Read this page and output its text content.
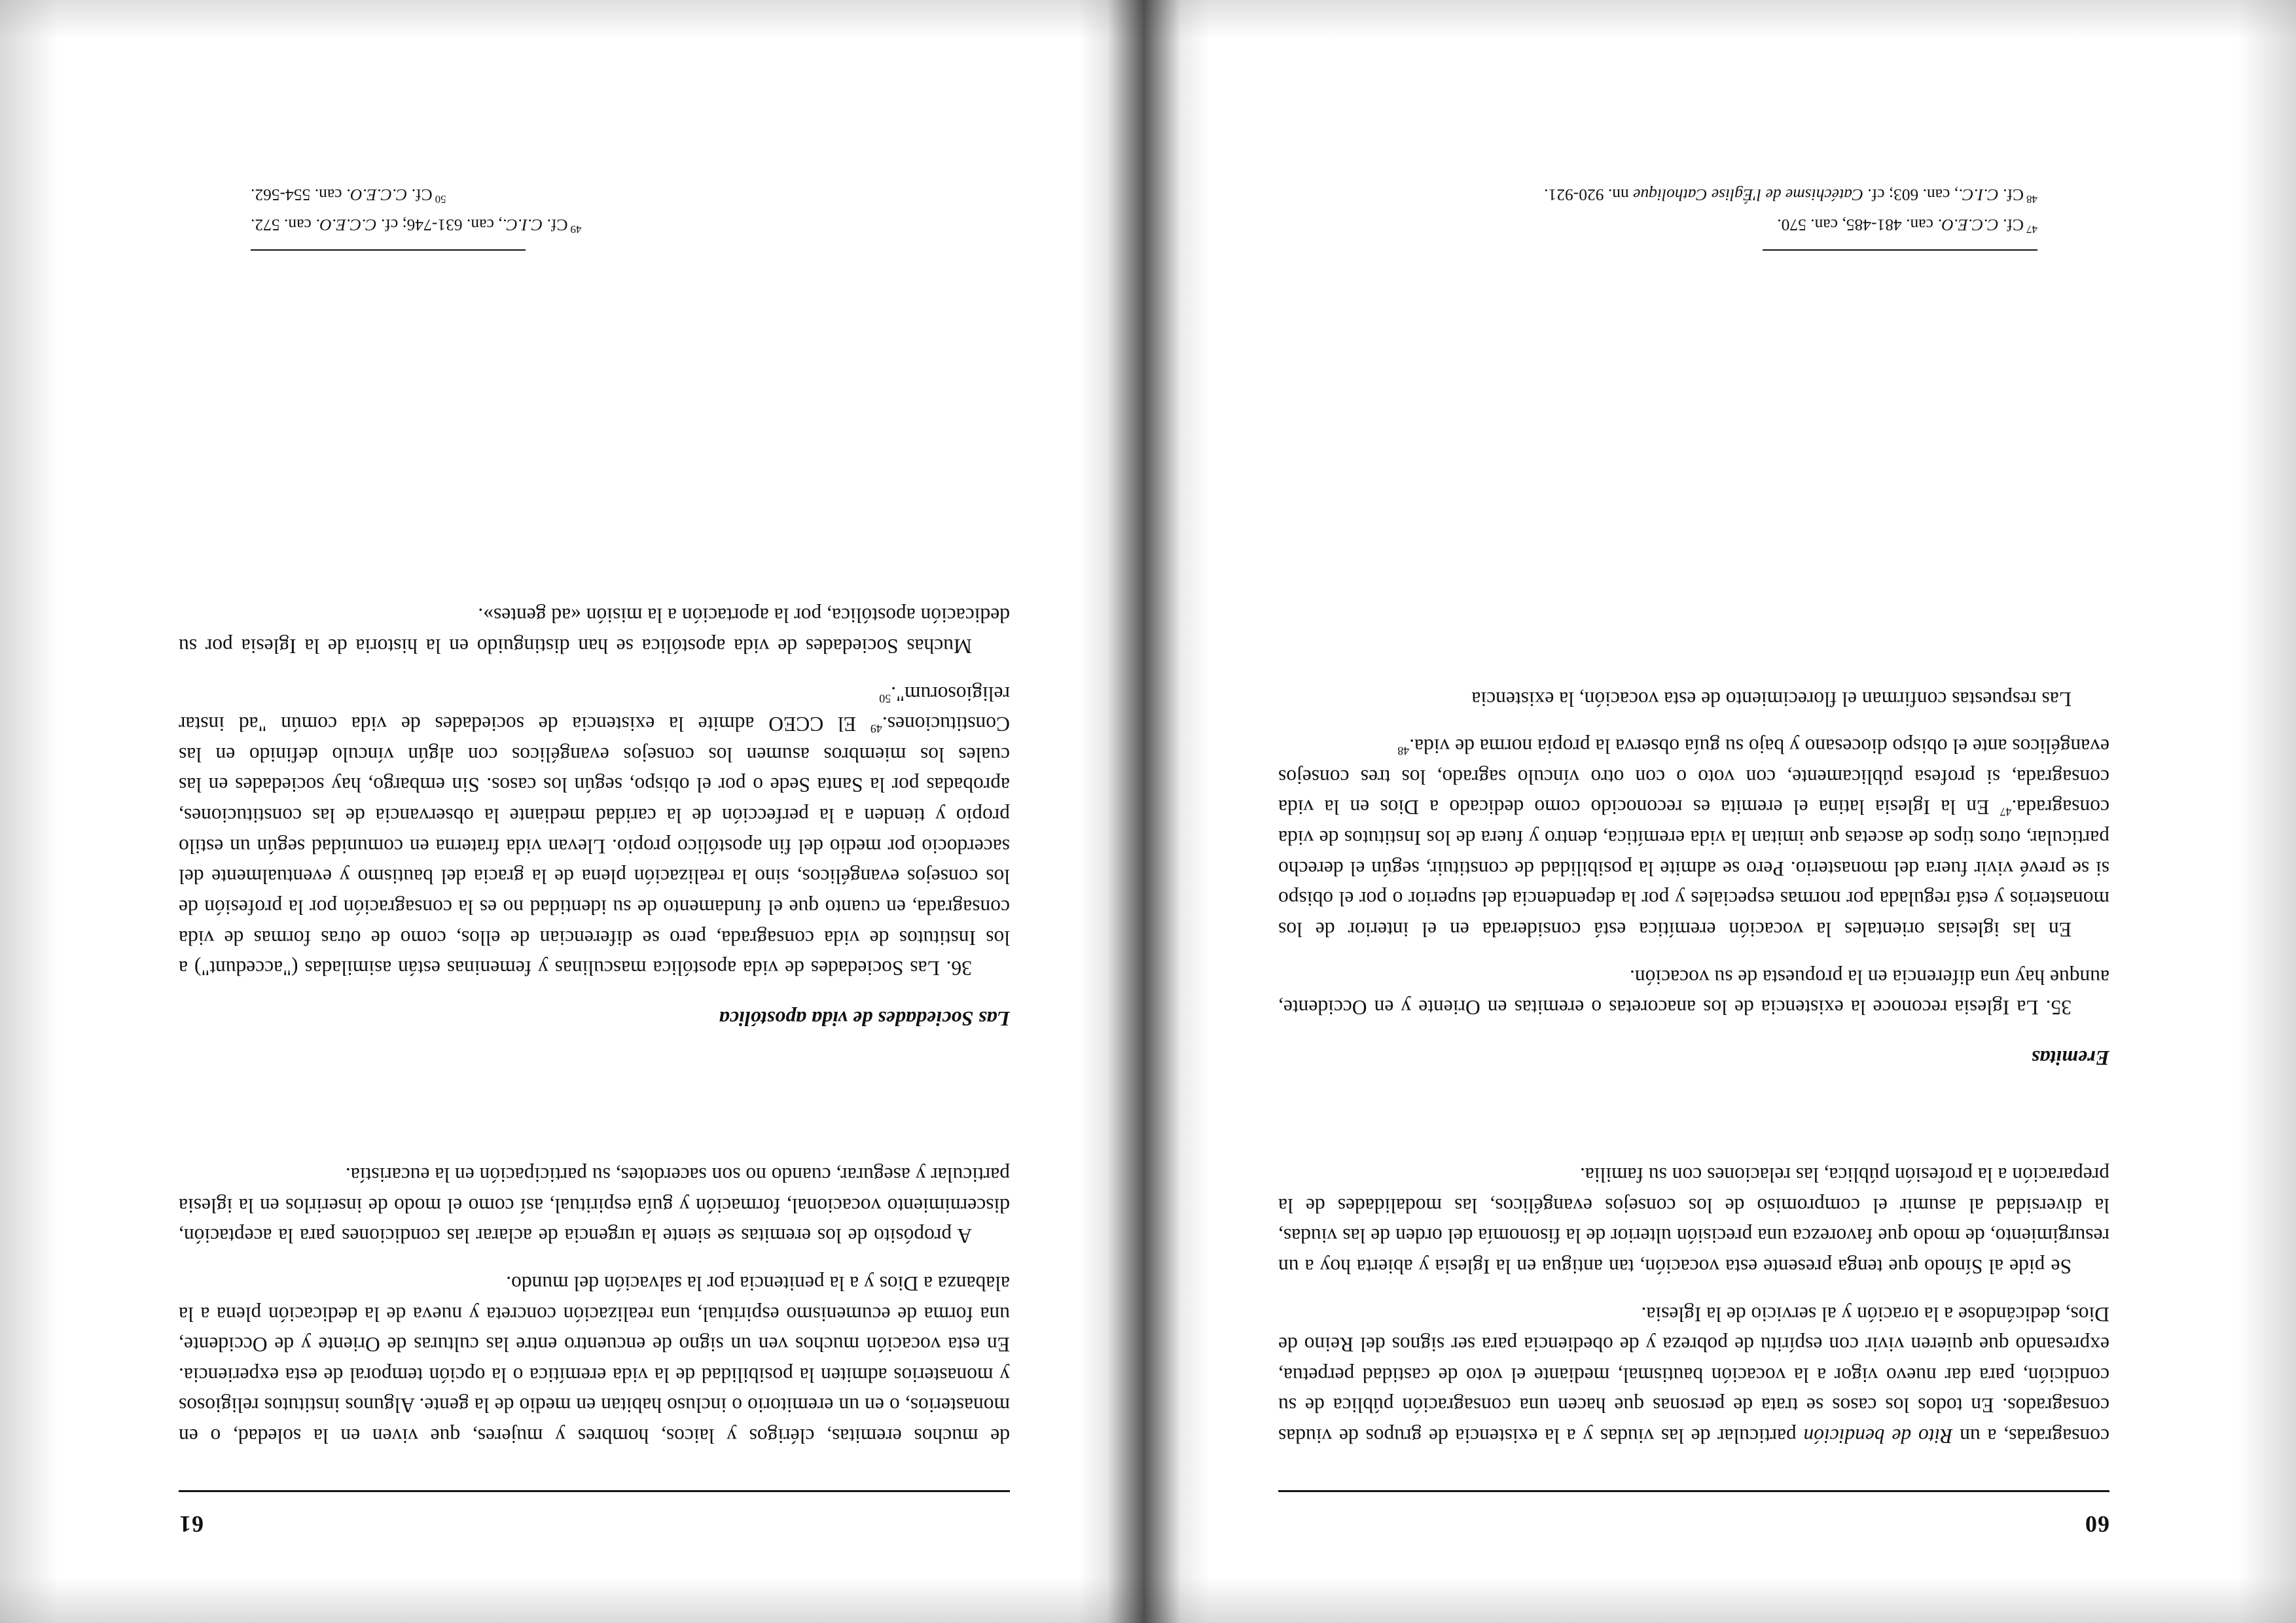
60

consagradas, a un Rito de bendición particular de las viudas y a la existencia de grupos de viudas consagrados. En todos los casos se trata de personas que hacen una consagración pública de su condición, para dar nuevo vigor a la vocación bautismal, mediante el voto de castidad perpetua, expresando que quieren vivir con espíritu de pobreza y de obediencia para ser signos del Reino de Dios, dedicándose a la oración y al servicio de la Iglesia.

Se pide al Sínodo que tenga presente esta vocación, tan antigua en la Iglesia y abierta hoy a un resurgimiento, de modo que favorezca una precisión ulterior de la fisonomía del orden de las viudas, la diversidad al asumir el compromiso de los consejos evangélicos, las modalidades de la preparación a la profesión pública, las relaciones con su familia.

Eremitas

35. La Iglesia reconoce la existencia de los anacoretas o eremitas en Oriente y en Occidente, aunque hay una diferencia en la propuesta de su vocación.

En las iglesias orientales la vocación eremítica está considerada en el interior de los monasterios y está regulada por normas especiales y por la dependencia del superior o por el obispo si se prevé vivir fuera del monasterio. Pero se admite la posibilidad de constituir, según el derecho particular, otros tipos de ascetas que imitan la vida eremítica, dentro y fuera de los Institutos de vida consagrada.$^{47}$ En la Iglesia latina el eremita es reconocido como dedicado a Dios en la vida consagrada, si profesa públicamente, con voto o con otro vínculo sagrado, los tres consejos evangélicos ante el obispo diocesano y bajo su guía observa la propia norma de vida.$^{48}$

Las respuestas confirman el florecimiento de esta vocación, la existencia

$^{47}$Cf. C.C.E.O. can. 481-485, can. 570.

$^{48}$Cf. C.I.C., can. 603; cf. Catéchisme de l'Église Catholique nn. 920-921.

61

de muchos eremitas, clérigos y laicos, hombres y mujeres, que viven en la soledad, o en monasterios, o en un eremitorio o incluso habitan en medio de la gente. Algunos institutos religiosos y monasterios admiten la posibilidad de la vida eremítica o la opción temporal de esta experiencia. En esta vocación muchos ven un signo de encuentro entre las culturas de Oriente y de Occidente, una forma de ecumenismo espiritual, una realización concreta y nueva de la dedicación plena a la alabanza a Dios y a la penitencia por la salvación del mundo.

A propósito de los eremitas se siente la urgencia de aclarar las condiciones para la aceptación, discernimiento vocacional, formación y guía espiritual, así como el modo de inserirlos en la iglesia particular y asegurar, cuando no son sacerdotes, su participación en la eucaristía.

Las Sociedades de vida apostólica

36. Las Sociedades de vida apostólica masculinas y femeninas están asimiladas ("accedunt") a los Institutos de vida consagrada, pero se diferencian de ellos, como de otras formas de vida consagrada, en cuanto que el fundamento de su identidad no es la consagración por la profesión de los consejos evangélicos, sino la realización plena de la gracia del bautismo y eventualmente del sacerdocio por medio del fin apostólico propio. Llevan vida fraterna en comunidad según un estilo propio y tienden a la perfección de la caridad mediante la observancia de las constituciones, aprobadas por la Santa Sede o por el obispo, según los casos. Sin embargo, hay sociedades en las cuales los miembros asumen los consejos evangélicos con algún vínculo definido en las Constituciones.$^{49}$ El CCEO admite la existencia de sociedades de vida común "ad instar religiosorum".$^{50}$

Muchas Sociedades de vida apostólica se han distinguido en la historia de la Iglesia por su dedicación apostólica, por la aportación a la misión «ad gentes».

$^{49}$Cf. C.I.C., can. 631-746; cf. C.C.E.O. can. 572.

$^{50}$Cf. C.C.E.O. can. 554-562.
